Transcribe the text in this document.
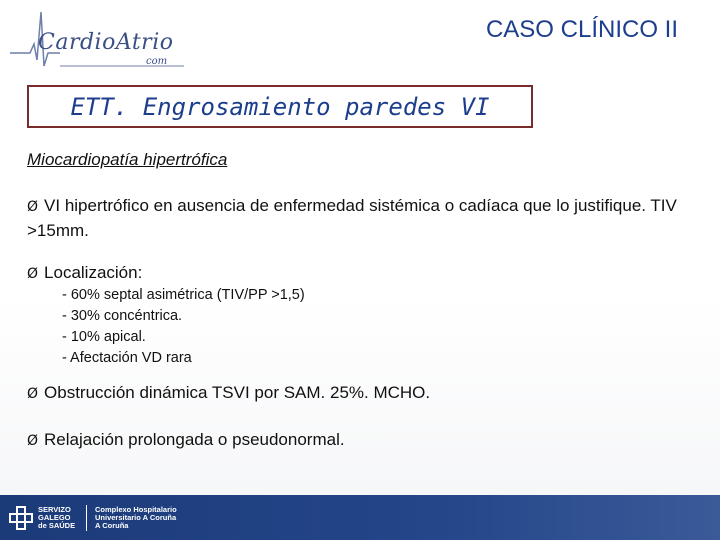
CardioAtrio
com
CASO CLÍNICO II
ETT. Engrosamiento paredes VI
Miocardiopatía hipertrófica
Ø VI hipertrófico en ausencia de enfermedad sistémica o cadíaca que lo justifique. TIV >15mm.
Ø Localización:
- 60% septal asimétrica (TIV/PP >1,5)
- 30% concéntrica.
- 10% apical.
- Afectación VD rara
Ø Obstrucción dinámica TSVI por SAM. 25%. MCHO.
Ø Relajación prolongada o pseudonormal.
SERVIZO
GALEGO
de SAÚDE
Complexo Hospitalario
Universitario A Coruña
A Coruña
